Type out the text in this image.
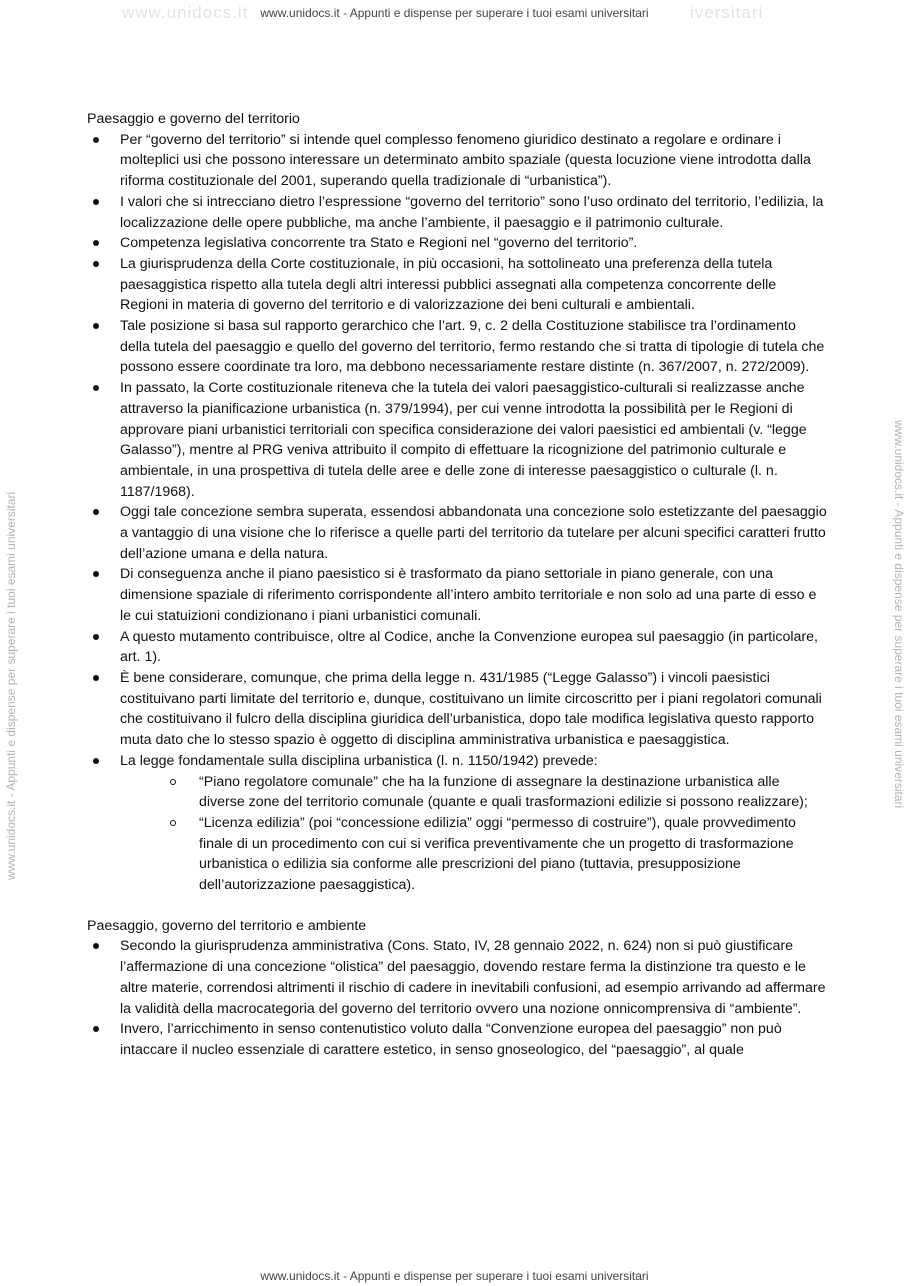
www.unidocs.it	iversitari
www.unidocs.it - Appunti e dispense per superare i tuoi esami universitari	www.unidocs.it - Appunti e dispense per superare i tuoi esami universitari
www.unidocs.it - Appunti e dispense per superare i tuoi esami universitari
www.unidocs.it - Appunti e dispense per superare i tuoi esami universitari
Paesaggio e governo del territorio
Per “governo del territorio” si intende quel complesso fenomeno giuridico destinato a regolare e ordinare i molteplici usi che possono interessare un determinato ambito spaziale (questa locuzione viene introdotta dalla riforma costituzionale del 2001, superando quella tradizionale di “urbanistica”).
I valori che si intrecciano dietro l’espressione “governo del territorio” sono l’uso ordinato del territorio, l’edilizia, la localizzazione delle opere pubbliche, ma anche l’ambiente, il paesaggio e il patrimonio culturale.
Competenza legislativa concorrente tra Stato e Regioni nel “governo del territorio”.
La giurisprudenza della Corte costituzionale, in più occasioni, ha sottolineato una preferenza della tutela paesaggistica rispetto alla tutela degli altri interessi pubblici assegnati alla competenza concorrente delle Regioni in materia di governo del territorio e di valorizzazione dei beni culturali e ambientali.
Tale posizione si basa sul rapporto gerarchico che l’art. 9, c. 2 della Costituzione stabilisce tra l’ordinamento della tutela del paesaggio e quello del governo del territorio, fermo restando che si tratta di tipologie di tutela che possono essere coordinate tra loro, ma debbono necessariamente restare distinte (n. 367/2007, n. 272/2009).
In passato, la Corte costituzionale riteneva che la tutela dei valori paesaggistico-culturali si realizzasse anche attraverso la pianificazione urbanistica (n. 379/1994), per cui venne introdotta la possibilità per le Regioni di approvare piani urbanistici territoriali con specifica considerazione dei valori paesistici ed ambientali (v. “legge Galasso”), mentre al PRG veniva attribuito il compito di effettuare la ricognizione del patrimonio culturale e ambientale, in una prospettiva di tutela delle aree e delle zone di interesse paesaggistico o culturale (l. n. 1187/1968).
Oggi tale concezione sembra superata, essendosi abbandonata una concezione solo estetizzante del paesaggio a vantaggio di una visione che lo riferisce a quelle parti del territorio da tutelare per alcuni specifici caratteri frutto dell’azione umana e della natura.
Di conseguenza anche il piano paesistico si è trasformato da piano settoriale in piano generale, con una dimensione spaziale di riferimento corrispondente all’intero ambito territoriale e non solo ad una parte di esso e le cui statuizioni condizionano i piani urbanistici comunali.
A questo mutamento contribuisce, oltre al Codice, anche la Convenzione europea sul paesaggio (in particolare, art. 1).
È bene considerare, comunque, che prima della legge n. 431/1985 (“Legge Galasso”) i vincoli paesistici costituivano parti limitate del territorio e, dunque, costituivano un limite circoscritto per i piani regolatori comunali che costituivano il fulcro della disciplina giuridica dell’urbanistica, dopo tale modifica legislativa questo rapporto muta dato che lo stesso spazio è oggetto di disciplina amministrativa urbanistica e paesaggistica.
La legge fondamentale sulla disciplina urbanistica (l. n. 1150/1942) prevede:
“Piano regolatore comunale” che ha la funzione di assegnare la destinazione urbanistica alle diverse zone del territorio comunale (quante e quali trasformazioni edilizie si possono realizzare);
“Licenza edilizia” (poi “concessione edilizia” oggi “permesso di costruire”), quale provvedimento finale di un procedimento con cui si verifica preventivamente che un progetto di trasformazione urbanistica o edilizia sia conforme alle prescrizioni del piano (tuttavia, presupposizione dell’autorizzazione paesaggistica).
Paesaggio, governo del territorio e ambiente
Secondo la giurisprudenza amministrativa (Cons. Stato, IV, 28 gennaio 2022, n. 624) non si può giustificare l’affermazione di una concezione “olistica” del paesaggio, dovendo restare ferma la distinzione tra questo e le altre materie, correndosi altrimenti il rischio di cadere in inevitabili confusioni, ad esempio arrivando ad affermare la validità della macrocategoria del governo del territorio ovvero una nozione onnicomprensiva di “ambiente”.
Invero, l’arricchimento in senso contenutistico voluto dalla “Convenzione europea del paesaggio” non può intaccare il nucleo essenziale di carattere estetico, in senso gnoseologico, del “paesaggio”, al quale
